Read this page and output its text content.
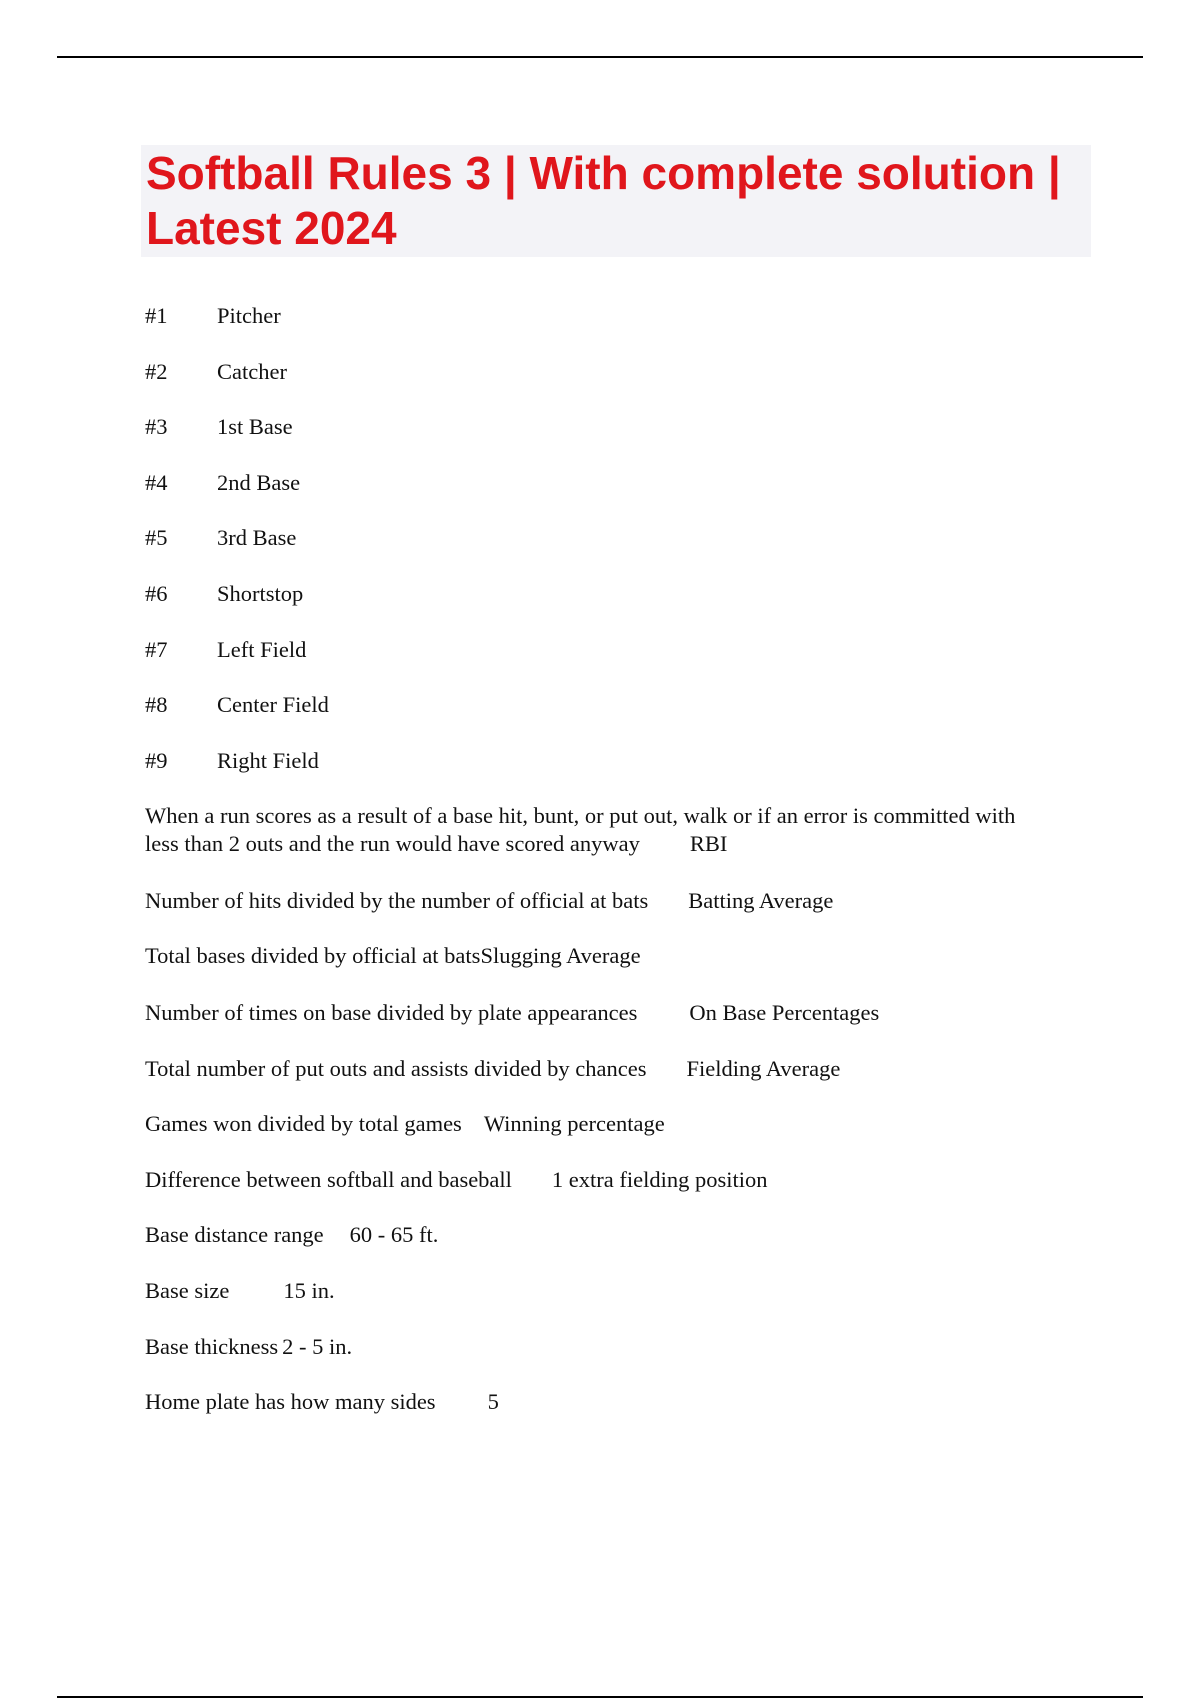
Softball Rules 3 | With complete solution | Latest 2024
#1 Pitcher
#2 Catcher
#3 1st Base
#4 2nd Base
#5 3rd Base
#6 Shortstop
#7 Left Field
#8 Center Field
#9 Right Field
When a run scores as a result of a base hit, bunt, or put out, walk or if an error is committed with
less than 2 outs and the run would have scored anyway RBI
Number of hits divided by the number of official at bats Batting Average
Total bases divided by official at batsSlugging Average
Number of times on base divided by plate appearances On Base Percentages
Total number of put outs and assists divided by chances Fielding Average
Games won divided by total games Winning percentage
Difference between softball and baseball 1 extra fielding position
Base distance range 60 - 65 ft.
Base size 15 in.
Base thickness 2 - 5 in.
Home plate has how many sides 5
